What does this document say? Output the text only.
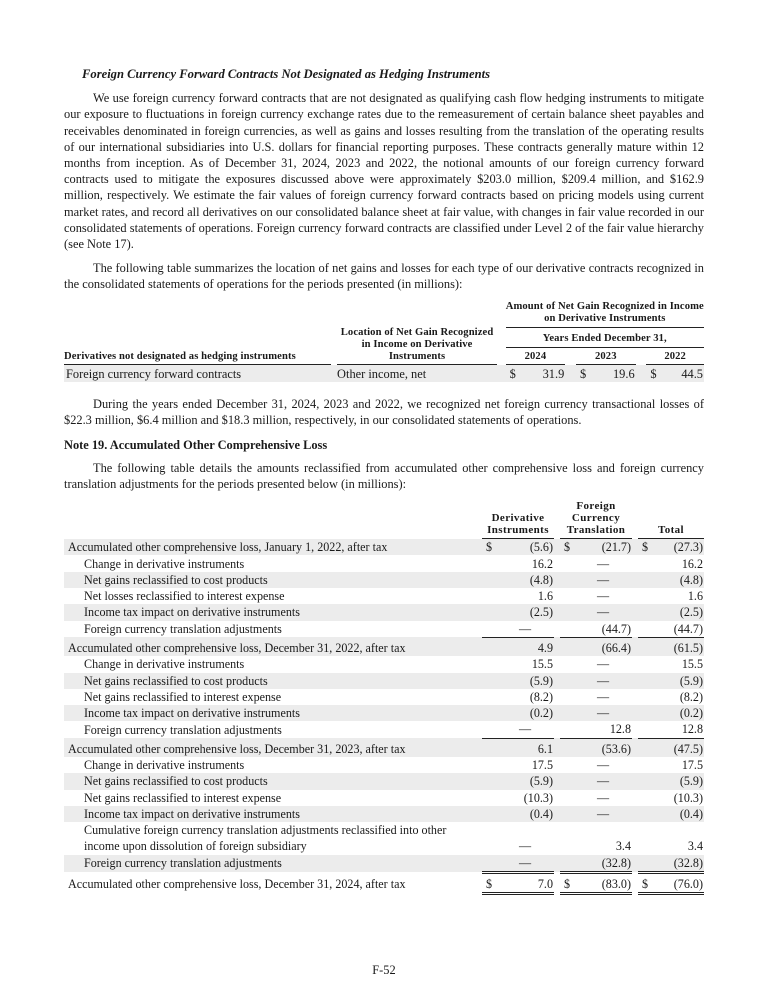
Foreign Currency Forward Contracts Not Designated as Hedging Instruments

We use foreign currency forward contracts that are not designated as qualifying cash flow hedging instruments to mitigate our exposure to fluctuations in foreign currency exchange rates due to the remeasurement of certain balance sheet payables and receivables denominated in foreign currencies, as well as gains and losses resulting from the translation of the operating results of our international subsidiaries into U.S. dollars for financial reporting purposes. These contracts generally mature within 12 months from inception. As of December 31, 2024, 2023 and 2022, the notional amounts of our foreign currency forward contracts used to mitigate the exposures discussed above were approximately $203.0 million, $209.4 million, and $162.9 million, respectively. We estimate the fair values of foreign currency forward contracts based on pricing models using current market rates, and record all derivatives on our consolidated balance sheet at fair value, with changes in fair value recorded in our consolidated statements of operations. Foreign currency forward contracts are classified under Level 2 of the fair value hierarchy (see Note 17).

The following table summarizes the location of net gains and losses for each type of our derivative contracts recognized in the consolidated statements of operations for the periods presented (in millions):

				Amount of Net Gain Recognized in Income on Derivative Instruments							
		Location of Net Gain Recognized in Income on Derivative Instruments		Years Ended December 31,							
Derivatives not designated as hedging instruments				2024			2023			2022	
Foreign currency forward contracts		Other income, net		$	31.9		$	19.6		$	44.5

During the years ended December 31, 2024, 2023 and 2022, we recognized net foreign currency transactional losses of $22.3 million, $6.4 million and $18.3 million, respectively, in our consolidated statements of operations.

Note 19. Accumulated Other Comprehensive Loss

The following table details the amounts reclassified from accumulated other comprehensive loss and foreign currency translation adjustments for the periods presented below (in millions):

		Derivative Instruments			Foreign Currency Translation			Total	
Accumulated other comprehensive loss, January 1, 2022, after tax		$	(5.6)		$	(21.7)		$	(27.3)
Change in derivative instruments			16.2			—			16.2
Net gains reclassified to cost products			(4.8)			—			(4.8)
Net losses reclassified to interest expense			1.6			—			1.6
Income tax impact on derivative instruments			(2.5)			—			(2.5)
Foreign currency translation adjustments			—			(44.7)			(44.7)
Accumulated other comprehensive loss, December 31, 2022, after tax			4.9			(66.4)			(61.5)
Change in derivative instruments			15.5			—			15.5
Net gains reclassified to cost products			(5.9)			—			(5.9)
Net gains reclassified to interest expense			(8.2)			—			(8.2)
Income tax impact on derivative instruments			(0.2)			—			(0.2)
Foreign currency translation adjustments			—			12.8			12.8
Accumulated other comprehensive loss, December 31, 2023, after tax			6.1			(53.6)			(47.5)
Change in derivative instruments			17.5			—			17.5
Net gains reclassified to cost products			(5.9)			—			(5.9)
Net gains reclassified to interest expense			(10.3)			—			(10.3)
Income tax impact on derivative instruments			(0.4)			—			(0.4)
Cumulative foreign currency translation adjustments reclassified into other income upon dissolution of foreign subsidiary			—			3.4			3.4
Foreign currency translation adjustments			—			(32.8)			(32.8)
Accumulated other comprehensive loss, December 31, 2024, after tax		$	7.0		$	(83.0)		$	(76.0)
F-52
